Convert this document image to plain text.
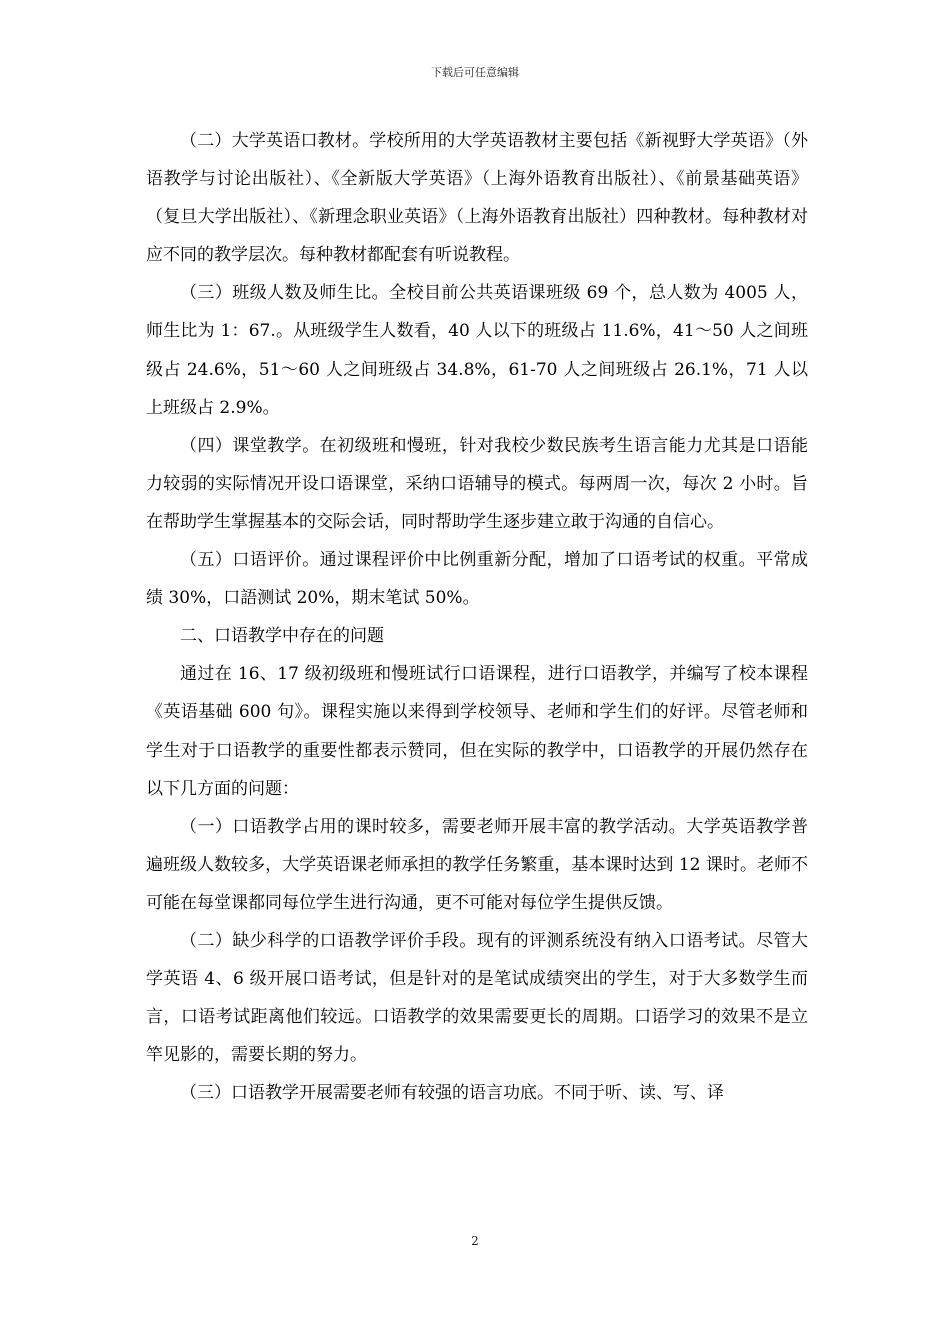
下载后可任意编辑

（二）大学英语口教材。学校所用的大学英语教材主要包括《新视野大学英语》（外语教学与讨论出版社）、《全新版大学英语》（上海外语教育出版社）、《前景基础英语》（复旦大学出版社）、《新理念职业英语》（上海外语教育出版社）四种教材。每种教材对应不同的教学层次。每种教材都配套有听说教程。

（三）班级人数及师生比。全校目前公共英语课班级 69 个，总人数为 4005 人，师生比为 1：67.。从班级学生人数看，40 人以下的班级占 11.6%，41～50 人之间班级占 24.6%，51～60 人之间班级占 34.8%，61-70 人之间班级占 26.1%，71 人以上班级占 2.9%。

（四）课堂教学。在初级班和慢班，针对我校少数民族考生语言能力尤其是口语能力较弱的实际情况开设口语课堂，采纳口语辅导的模式。每两周一次，每次 2 小时。旨在帮助学生掌握基本的交际会话，同时帮助学生逐步建立敢于沟通的自信心。

（五）口语评价。通过课程评价中比例重新分配，增加了口语考试的权重。平常成绩 30%，口語测试 20%，期末笔试 50%。

二、口语教学中存在的问题

通过在 16、17 级初级班和慢班试行口语课程，进行口语教学，并编写了校本课程《英语基础 600 句》。课程实施以来得到学校领导、老师和学生们的好评。尽管老师和学生对于口语教学的重要性都表示赞同，但在实际的教学中，口语教学的开展仍然存在以下几方面的问题：

（一）口语教学占用的课时较多，需要老师开展丰富的教学活动。大学英语教学普遍班级人数较多，大学英语课老师承担的教学任务繁重，基本课时达到 12 课时。老师不可能在每堂课都同每位学生进行沟通，更不可能对每位学生提供反馈。

（二）缺少科学的口语教学评价手段。现有的评测系统没有纳入口语考试。尽管大学英语 4、6 级开展口语考试，但是针对的是笔试成绩突出的学生，对于大多数学生而言，口语考试距离他们较远。口语教学的效果需要更长的周期。口语学习的效果不是立竿见影的，需要长期的努力。

（三）口语教学开展需要老师有较强的语言功底。不同于听、读、写、译

2
